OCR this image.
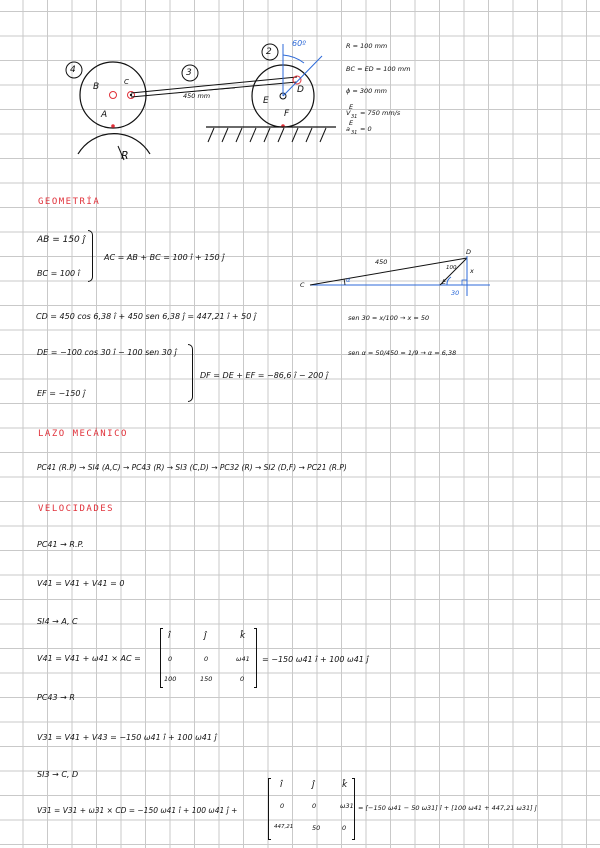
4	3
2
60º
B	C
A
R
D
E
F
450 mm
R = 100 mm
BC = ED = 100 mm
ɸ = 300 mm
E
V 31 = 750 mm/s
E
a 31 = 0
GEOMETRÍA
AB = 150 ĵ
BC = 100 î
AC = AB + BC = 100 î + 150 ĵ	450
100 x
30
D
C	E
α
CD = 450 cos 6,38 î + 450 sen 6,38 ĵ = 447,21 î + 50 ĵ	sen 30 = x/100 → x = 50
DE = −100 cos 30 î − 100 sen 30 ĵ	sen α = 50/450 = 1/9 → α = 6,38
EF = −150 ĵ
DF = DE + EF = −86,6 î − 200 ĵ
LAZO MECÁNICO
PC41 (R.P) → SI4 (A,C) → PC43 (R) → SI3 (C,D) → PC32 (R) → SI2 (D,F) → PC21 (R.P)
VELOCIDADES
PC41 → R.P.
V41 = V41 + V41 = 0
SI4 → A, C
V41 = V41 + ω41 × AC =
î	ĵ	k̂
0	0	ω41
100	150	0
= −150 ω41 î + 100 ω41 ĵ
PC43 → R
V31 = V41 + V43 = −150 ω41 î + 100 ω41 ĵ
SI3 → C, D
V31 = V31 + ω31 × CD = −150 ω41 î + 100 ω41 ĵ +
î	ĵ	k̂
0	0	ω31
447,21	50	0
= [−150 ω41 − 50 ω31] î + [100 ω41 + 447,21 ω31] ĵ
